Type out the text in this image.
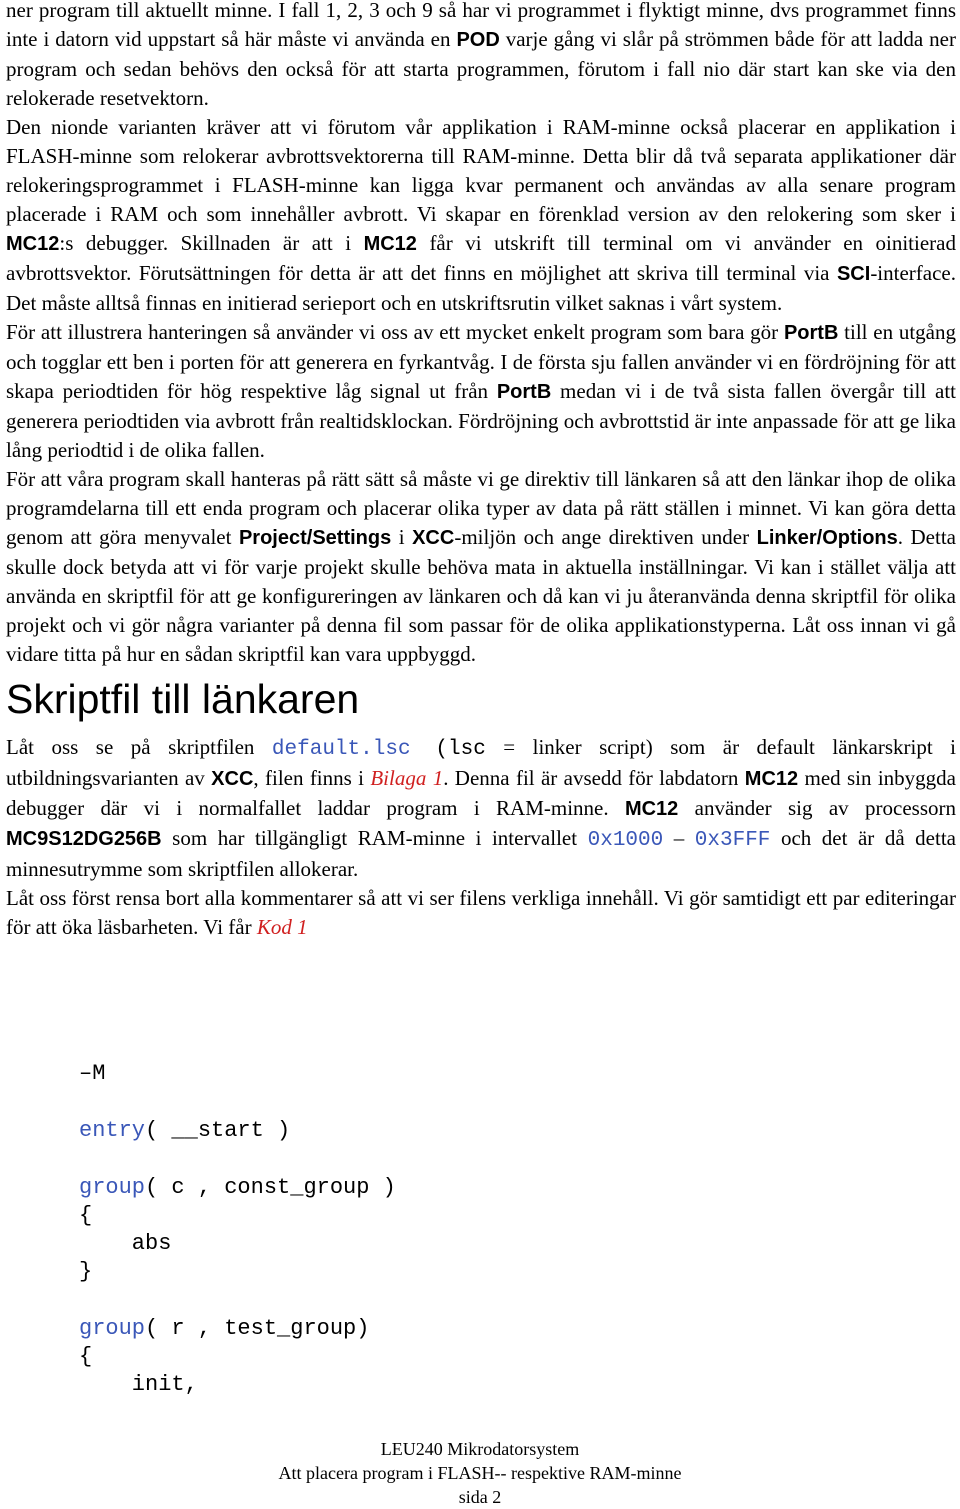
ner program till aktuellt minne. I fall 1, 2, 3 och 9 så har vi programmet i flyktigt minne, dvs programmet finns inte i datorn vid uppstart så här måste vi använda en POD varje gång vi slår på strömmen både för att ladda ner program och sedan behövs den också för att starta programmen, förutom i fall nio där start kan ske via den relokerade resetvektorn.

Den nionde varianten kräver att vi förutom vår applikation i RAM-minne också placerar en applikation i FLASH-minne som relokerar avbrottsvektorerna till RAM-minne. Detta blir då två separata applikationer där relokeringsprogrammet i FLASH-minne kan ligga kvar permanent och användas av alla senare program placerade i RAM och som innehåller avbrott. Vi skapar en förenklad version av den relokering som sker i MC12:s debugger. Skillnaden är att i MC12 får vi utskrift till terminal om vi använder en oinitierad avbrottsvektor. Förutsättningen för detta är att det finns en möjlighet att skriva till terminal via SCI-interface. Det måste alltså finnas en initierad serieport och en utskriftsrutin vilket saknas i vårt system.

För att illustrera hanteringen så använder vi oss av ett mycket enkelt program som bara gör PortB till en utgång och togglar ett ben i porten för att generera en fyrkantvåg. I de första sju fallen använder vi en fördröjning för att skapa periodtiden för hög respektive låg signal ut från PortB medan vi i de två sista fallen övergår till att generera periodtiden via avbrott från realtidsklockan. Fördröjning och avbrottstid är inte anpassade för att ge lika lång periodtid i de olika fallen.

För att våra program skall hanteras på rätt sätt så måste vi ge direktiv till länkaren så att den länkar ihop de olika programdelarna till ett enda program och placerar olika typer av data på rätt ställen i minnet. Vi kan göra detta genom att göra menyvalet Project/Settings i XCC-miljön och ange direktiven under Linker/Options. Detta skulle dock betyda att vi för varje projekt skulle behöva mata in aktuella inställningar. Vi kan i stället välja att använda en skriptfil för att ge konfigureringen av länkaren och då kan vi ju återanvända denna skriptfil för olika projekt och vi gör några varianter på denna fil som passar för de olika applikationstyperna. Låt oss innan vi gå vidare titta på hur en sådan skriptfil kan vara uppbyggd.

Skriptfil till länkaren

Låt oss se på skriptfilen default.lsc (lsc = linker script) som är default länkarskript i utbildningsvarianten av XCC, filen finns i Bilaga 1. Denna fil är avsedd för labdatorn MC12 med sin inbyggda debugger där vi i normalfallet laddar program i RAM-minne. MC12 använder sig av processorn MC9S12DG256B som har tillgängligt RAM-minne i intervallet 0x1000 – 0x3FFF och det är då detta minnesutrymme som skriptfilen allokerar.

Låt oss först rensa bort alla kommentarer så att vi ser filens verkliga innehåll. Vi gör samtidigt ett par editeringar för att öka läsbarheten. Vi får Kod 1

–M
entry( __start )
group( c , const_group )
{
abs
}
group( r , test_group)
{
init,
LEU240 Mikrodatorsystem
Att placera program i FLASH-- respektive RAM-minne
sida 2
